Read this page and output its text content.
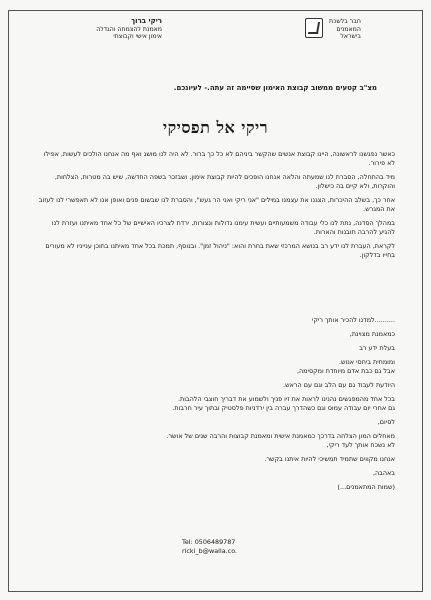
חבר בלשכת
המאמנים
בישראל
ריקי ברוך
מאמנת להצמחה והגדלה
אימון אישי וקבוצתי
מצ"ב קטעים ממשוב קבוצת האימון שסיימה זה עתה.- לעיונכם.
ריקי אל תפסיקי

כאשר נפגשנו לראשונה, היינו קבוצת אנשים שהקשר ביניהם לא כל כך ברור. לא היה לנו מושג ואף מה אנחנו הולכים לעשות, אפילו לא פירור.

מיד בהתחלה, הסברת לנו שמעתה והלאה אנחנו הופכים להיות קבוצת אימון, ושבזכר בשפה החדשה, שיש בה מטרות, הצלחות, והוקרות, ולא קיים בה כישלון.

אחר כך, בשלב ההיכרות, הצגנו את עצמנו במילים "אני ריקי ואני הר געש", והסברת לנו שבשום פנים ואופן אנו לא תאפשרי לנו לעזוב את המגרש.

במהלך הסדנה, נתת לנו כלי עבודה משמעותיים ועשית עימנו גדולות ונצורות, ירדת לצרכיו האישיים של כל אחד מאיתנו ועזרת לנו להגיע להרבה תובנות והארות.

לקראת, העברת לנו ידע רב בנושא המרכזי שאת בחרת והוא: "ניהול זמן". ובנוסף, תמכת בכל אחד מאיתנו בתוכן ענייניו לא מעורים בחייו בדלקון.

..........למדנו להכיר אותך ריקי
כמאמנת מצוינת,
בעלת ידע רב
ומומחית ביחסי אנוש.
אבל גם כבת אדם מיוחדת ומקסימה,
היודעת לעבוד גם עם הלב וגם עם הראש.
בכל אחד מהמפגשים נהנינו לראות את זיו פניך ולשמוע את דבריך חוצבי הלהבות.
גם אחרי יום עבודה עמוס וגם כשהדרך עברה בין ירדניות פלסטיק ובתוך עיר חרבות.
לסיום,
מאחלים המון הצלחה בדרכך כמאמנת אישית ומאמנת קבוצות והרבה שנים של אושר.
לא נשכח אותך לעד ריקי,
אנחנו מקווים שתמיד תמשיכי להיות איתנו בקשר.
באהבה,
(שמות המתאמנים...)
Tel: 0506489787
ricki_b@walla.co.
